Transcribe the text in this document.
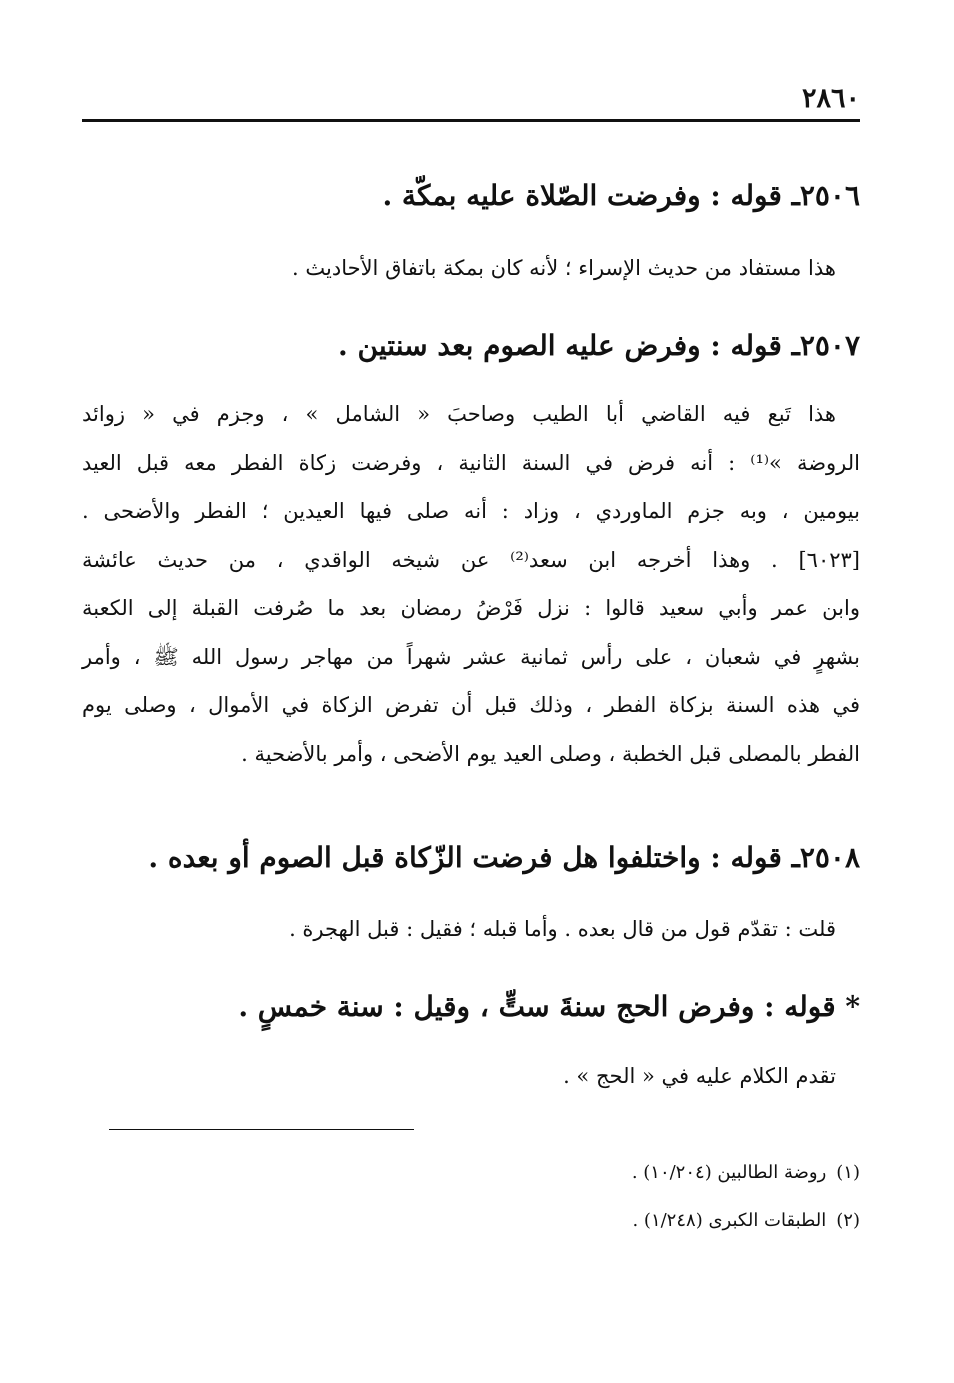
٢٨٦٠
٢٥٠٦ـ قوله : وفرضت الصّلاة عليه بمكّة .
هذا مستفاد من حديث الإسراء ؛ لأنه كان بمكة باتفاق الأحاديث .
٢٥٠٧ـ قوله : وفرض عليه الصوم بعد سنتين .
هذا تَبع فيه القاضي أبا الطيب وصاحبَ « الشامل » ، وجزم في « زوائد
الروضة »⁽¹⁾ : أنه فرض في السنة الثانية ، وفرضت زكاة الفطر معه قبل العيد
بيومين ، وبه جزم الماوردي ، وزاد : أنه صلى فيها العيدين ؛ الفطر والأضحى .
[٦٠٢٣] . وهذا أخرجه ابن سعد⁽²⁾ عن شيخه الواقدي ، من حديث عائشة
وابن عمر وأبي سعيد قالوا : نزل فَرْضُ رمضان بعد ما صُرفت القبلة إلى الكعبة
بشهرٍ في شعبان ، على رأس ثمانية عشر شهراً من مهاجر رسول الله ﷺ ، وأمر
في هذه السنة بزكاة الفطر ، وذلك قبل أن تفرض الزكاة في الأموال ، وصلى يوم
الفطر بالمصلى قبل الخطبة ، وصلى العيد يوم الأضحى ، وأمر بالأضحية .
٢٥٠٨ـ قوله : واختلفوا هل فرضت الزّكاة قبل الصوم أو بعده .
قلت : تقدّم قول من قال بعده . وأما قبله ؛ فقيل : قبل الهجرة .
* قوله : وفرض الحج سنةَ ستٍّ ، وقيل : سنة خمسٍ .
تقدم الكلام عليه في « الحج » .
(١)روضة الطالبين (١٠/٢٠٤) .
(٢)الطبقات الكبرى (١/٢٤٨) .
